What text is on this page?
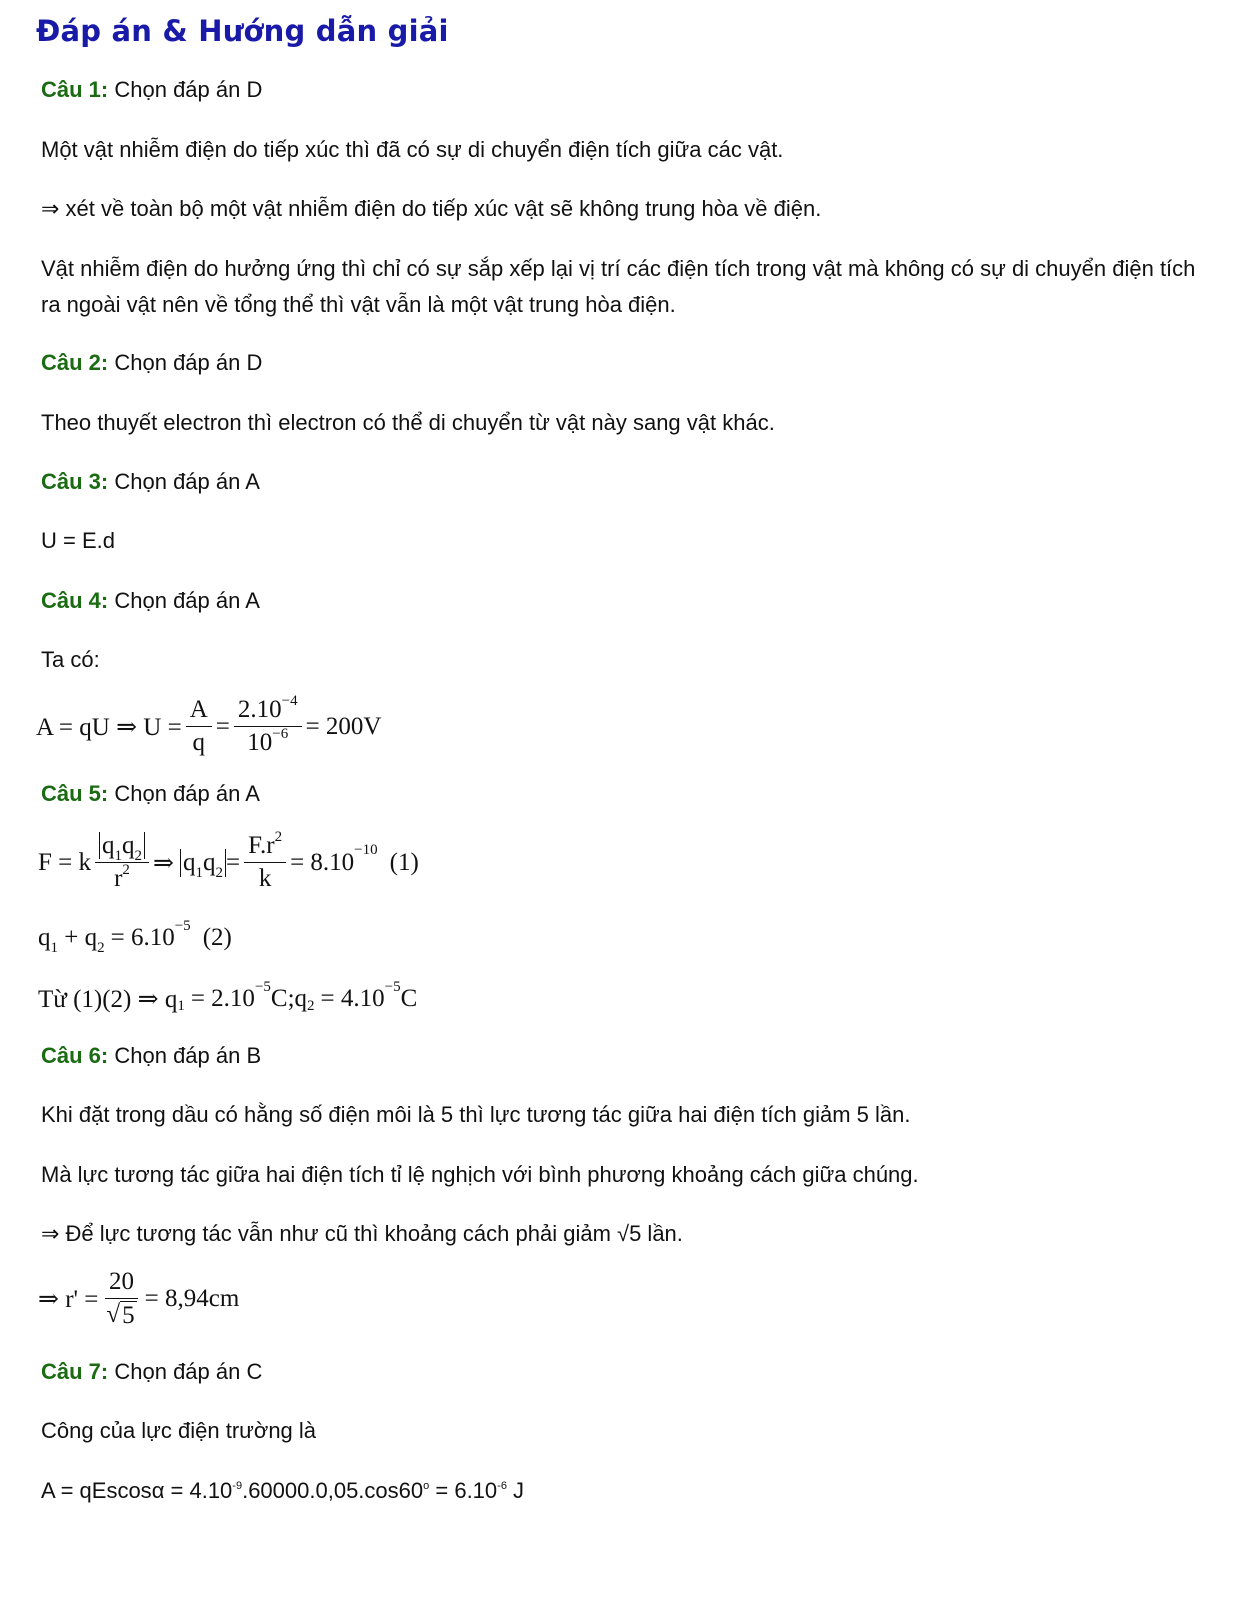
Đáp án & Hướng dẫn giải
Câu 1: Chọn đáp án D
Một vật nhiễm điện do tiếp xúc thì đã có sự di chuyển điện tích giữa các vật.
⇒ xét về toàn bộ một vật nhiễm điện do tiếp xúc vật sẽ không trung hòa về điện.
Vật nhiễm điện do hưởng ứng thì chỉ có sự sắp xếp lại vị trí các điện tích trong vật mà không có sự di chuyển điện tích ra ngoài vật nên về tổng thể thì vật vẫn là một vật trung hòa điện.
Câu 2: Chọn đáp án D
Theo thuyết electron thì electron có thể di chuyển từ vật này sang vật khác.
Câu 3: Chọn đáp án A
U = E.d
Câu 4: Chọn đáp án A
Ta có:
A = qU ⇒ $U = \frac{A}{q} = \frac{2.10^{-4}}{10^{-6}} = 200V$
Câu 5: Chọn đáp án A
F = k $\frac{q_1q_2}{r^2}$ ⇒ $q_1q_2 = \frac{F.r^2}{k} = 8.10 -10$ (1)
$q_1 + q_2 = 6.10 -5$ (2)
Từ (1)(2) ⇒ q 1 = 2.10 −5 C;q 2 = 4.10 −5 C
Câu 6: Chọn đáp án B
Khi đặt trong dầu có hằng số điện môi là 5 thì lực tương tác giữa hai điện tích giảm 5 lần.
Mà lực tương tác giữa hai điện tích tỉ lệ nghịch với bình phương khoảng cách giữa chúng.
⇒ Để lực tương tác vẫn như cũ thì khoảng cách phải giảm √5 lần.
⇒ $r' = \frac{20}{√ 5} = 8,94cm$
Câu 7: Chọn đáp án C
Công của lực điện trường là
$A = qEscos\alpha = 4.10^{-9}.60000.0,05.\cos 60^o = 6.10^{-6}$ J
